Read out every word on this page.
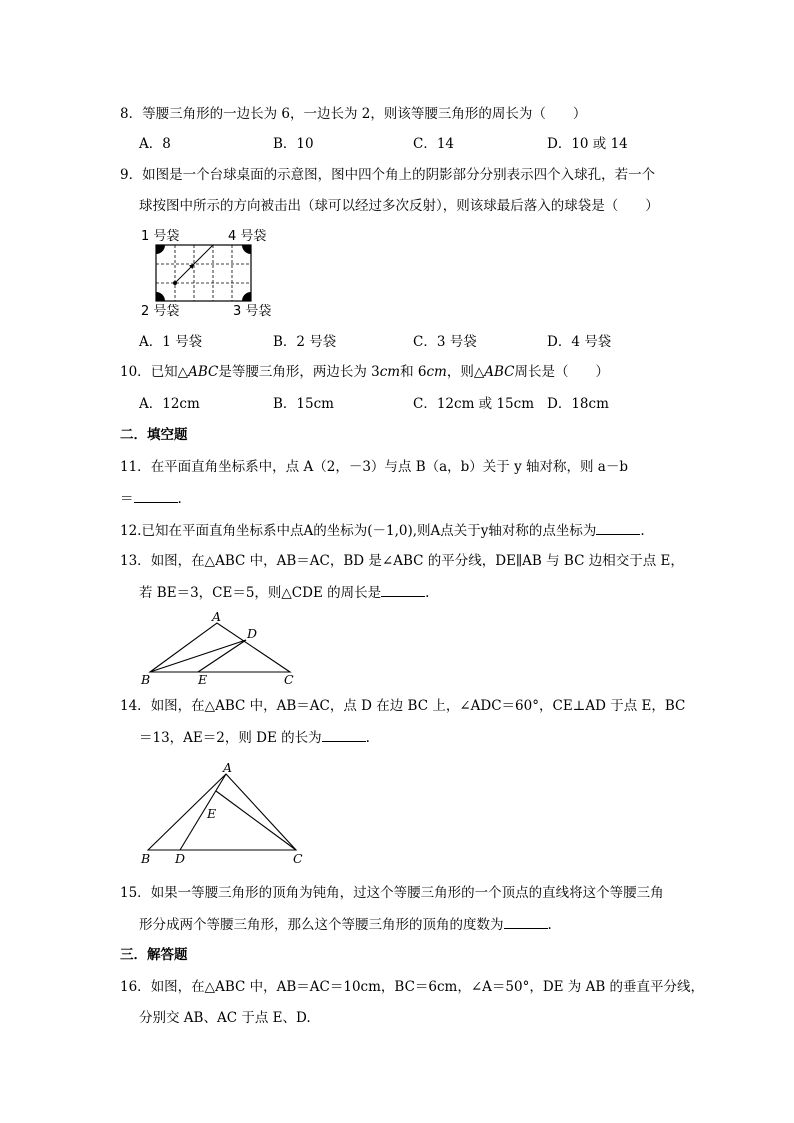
8．等腰三角形的一边长为 6，一边长为 2，则该等腰三角形的周长为（　　）
A．8	B．10	C．14	D．10 或 14
9．如图是一个台球桌面的示意图，图中四个角上的阴影部分分别表示四个入球孔，若一个
球按图中所示的方向被击出（球可以经过多次反射），则该球最后落入的球袋是（　　）
1 号袋	4 号袋
2 号袋	3 号袋
A．1 号袋	B．2 号袋	C．3 号袋	D．4 号袋
10．已知△ABC是等腰三角形，两边长为 3cm和 6cm，则△ABC周长是（　　）
A．12cm	B．15cm	C．12cm 或 15cm D．18cm
二．填空题
11．在平面直角坐标系中，点 A（2，－3）与点 B（a，b）关于 y 轴对称，则 a－b
＝	.
12.已知在平面直角坐标系中点A的坐标为(－1,0),则A点关于y轴对称的点坐标为	.
13．如图，在△ABC 中，AB＝AC，BD 是∠ABC 的平分线，DE∥AB 与 BC 边相交于点 E，
若 BE＝3，CE＝5，则△CDE 的周长是	.
A
D
B	E	C
14．如图，在△ABC 中，AB＝AC，点 D 在边 BC 上，∠ADC＝60°，CE⊥AD 于点 E，BC
＝13，AE＝2，则 DE 的长为	.
A
E
B D	C
15．如果一等腰三角形的顶角为钝角，过这个等腰三角形的一个顶点的直线将这个等腰三角
形分成两个等腰三角形，那么这个等腰三角形的顶角的度数为	.
三．解答题
16．如图，在△ABC 中，AB＝AC＝10cm，BC＝6cm，∠A＝50°，DE 为 AB 的垂直平分线，
分别交 AB、AC 于点 E、D.
